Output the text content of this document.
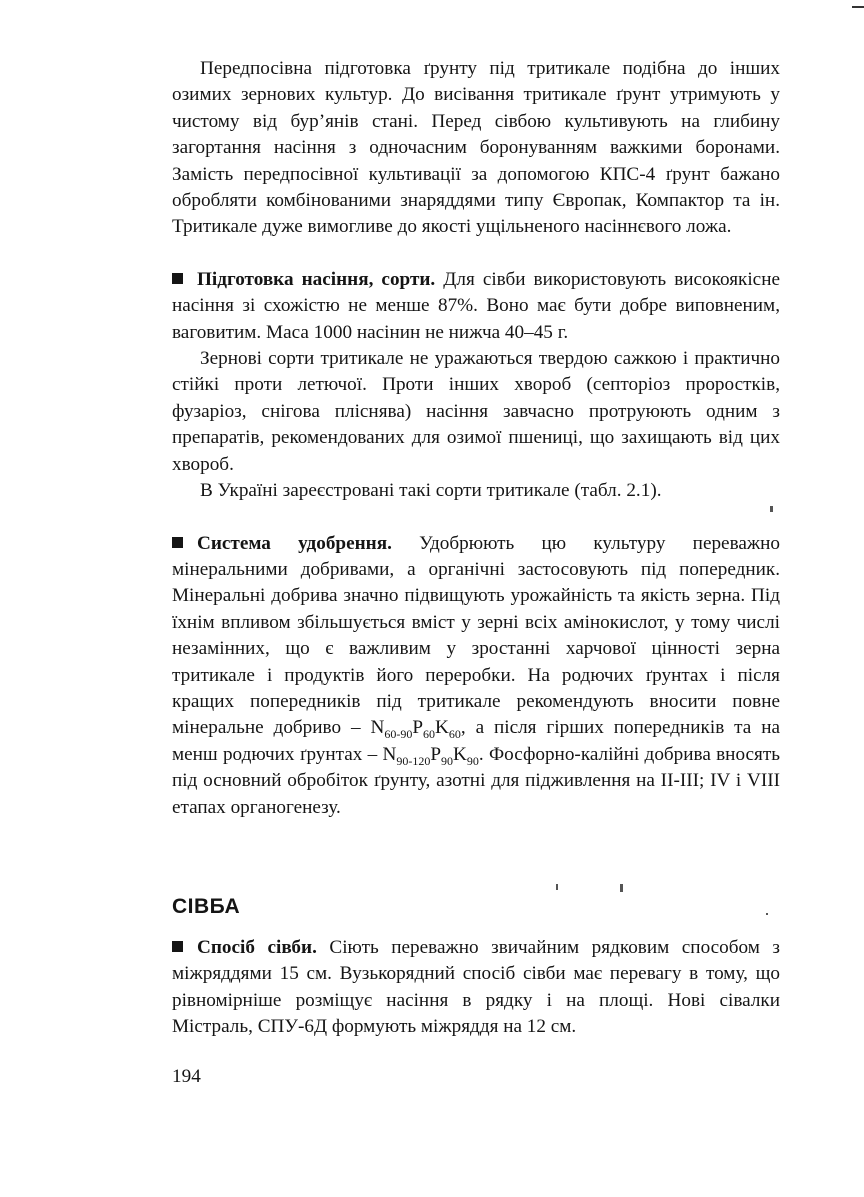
Передпосівна підготовка ґрунту під тритикале подібна до інших озимих зернових культур. До висівання тритикале ґрунт утримують у чистому від бур’янів стані. Перед сівбою культивують на глибину загортання насіння з одночасним боронуванням важкими боронами. Замість передпосівної культивації за допомогою КПС-4 ґрунт бажано обробляти комбінованими знаряддями типу Європак, Компактор та ін. Тритикале дуже вимогливе до якості ущільненого насіннєвого ложа.

Підготовка насіння, сорти. Для сівби використовують високоякісне насіння зі схожістю не менше 87%. Воно має бути добре виповненим, ваговитим. Маса 1000 насінин не нижча 40–45 г.

Зернові сорти тритикале не уражаються твердою сажкою і практично стійкі проти летючої. Проти інших хвороб (септоріоз проростків, фузаріоз, снігова пліснява) насіння завчасно протруюють одним з препаратів, рекомендованих для озимої пшениці, що захищають від цих хвороб.

В Україні зареєстровані такі сорти тритикале (табл. 2.1).

Система удобрення. Удобрюють цю культуру переважно мінеральними добривами, а органічні застосовують під попередник. Мінеральні добрива значно підвищують урожайність та якість зерна. Під їхнім впливом збільшується вміст у зерні всіх амінокислот, у тому числі незамінних, що є важливим у зростанні харчової цінності зерна тритикале і продуктів його переробки. На родючих ґрунтах і після кращих попередників під тритикале рекомендують вносити повне мінеральне добриво – $N_{60-90}P_{60}K_{60}$, а після гірших попередників та на менш родючих ґрунтах – $N_{90-120}P_{90}K_{90}$. Фосфорно-калійні добрива вносять під основний обробіток ґрунту, азотні для підживлення на ІІ-ІІІ; IV і VIII етапах органогенезу.

СІВБА

Спосіб сівби. Сіють переважно звичайним рядковим способом з міжряддями 15 см. Вузькорядний спосіб сівби має перевагу в тому, що рівномірніше розміщує насіння в рядку і на площі. Нові сівалки Містраль, СПУ-6Д формують міжряддя на 12 см.

194
